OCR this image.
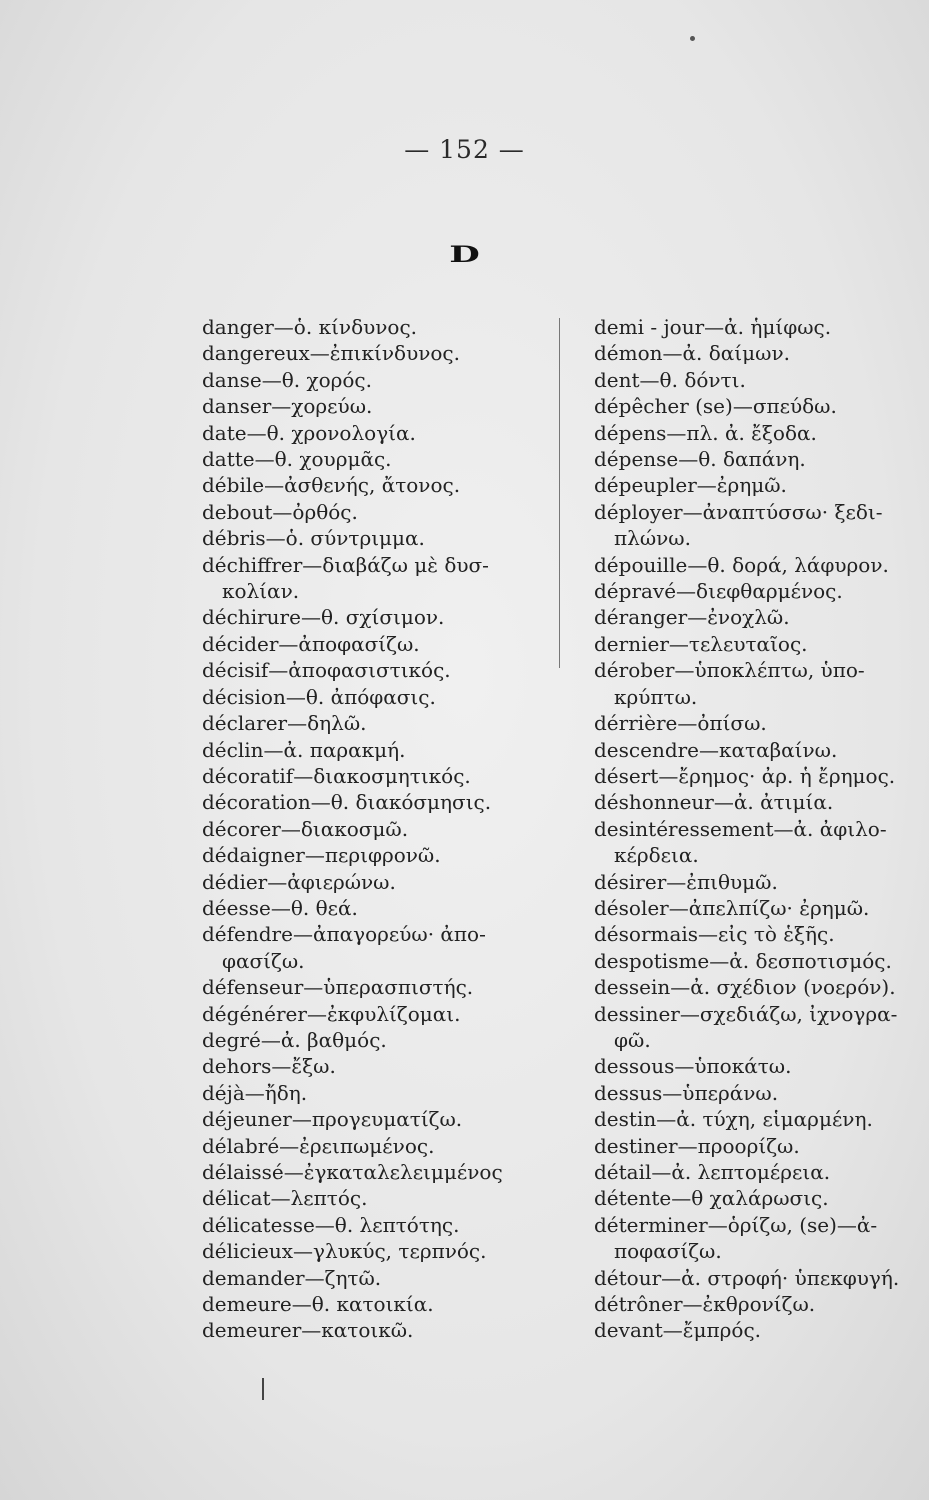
— 152 —
D
danger—ὁ. κίνδυνος.
dangereux—ἐπικίνδυνος.
danse—θ. χορός.
danser—χορεύω.
date—θ. χρονολογία.
datte—θ. χουρμᾶς.
débile—ἀσθενής, ἄτονος.
debout—ὀρθός.
débris—ὁ. σύντριμμα.
déchiffrer—διαβάζω μὲ δυσ-
κολίαν.
déchirure—θ. σχίσιμον.
décider—ἀποφασίζω.
décisif—ἀποφασιστικός.
décision—θ. ἀπόφασις.
déclarer—δηλῶ.
déclin—ἀ. παρακμή.
décoratif—διακοσμητικός.
décoration—θ. διακόσμησις.
décorer—διακοσμῶ.
dédaigner—περιφρονῶ.
dédier—ἀφιερώνω.
déesse—θ. θεά.
défendre—ἀπαγορεύω· ἀπο-
φασίζω.
défenseur—ὑπερασπιστής.
dégénérer—ἐκφυλίζομαι.
degré—ἀ. βαθμός.
dehors—ἔξω.
déjà—ἤδη.
déjeuner—προγευματίζω.
délabré—ἐρειπωμένος.
délaissé—ἐγκαταλελειμμένος
délicat—λεπτός.
délicatesse—θ. λεπτότης.
délicieux—γλυκύς, τερπνός.
demander—ζητῶ.
demeure—θ. κατοικία.
demeurer—κατοικῶ.
demi - jour—ἀ. ἡμίφως.
démon—ἀ. δαίμων.
dent—θ. δόντι.
dépêcher (se)—σπεύδω.
dépens—πλ. ἀ. ἔξοδα.
dépense—θ. δαπάνη.
dépeupler—ἐρημῶ.
déployer—ἀναπτύσσω· ξεδι-
πλώνω.
dépouille—θ. δορά, λάφυρον.
dépravé—διεφθαρμένος.
déranger—ἐνοχλῶ.
dernier—τελευταῖος.
dérober—ὑποκλέπτω, ὑπο-
κρύπτω.
dérrière—ὀπίσω.
descendre—καταβαίνω.
désert—ἔρημος· ἀρ. ἡ ἔρημος.
déshonneur—ἀ. ἀτιμία.
desintéressement—ἀ. ἀφιλο-
κέρδεια.
désirer—ἐπιθυμῶ.
désoler—ἀπελπίζω· ἐρημῶ.
désormais—εἰς τὸ ἑξῆς.
despotisme—ἀ. δεσποτισμός.
dessein—ἀ. σχέδιον (νοερόν).
dessiner—σχεδιάζω, ἰχνογρα-
φῶ.
dessous—ὑποκάτω.
dessus—ὑπεράνω.
destin—ἀ. τύχη, εἱμαρμένη.
destiner—προορίζω.
détail—ἀ. λεπτομέρεια.
détente—θ χαλάρωσις.
déterminer—ὁρίζω, (se)—ἀ-
ποφασίζω.
détour—ἀ. στροφή· ὑπεκφυγή.
détrôner—ἐκθρονίζω.
devant—ἔμπρός.
